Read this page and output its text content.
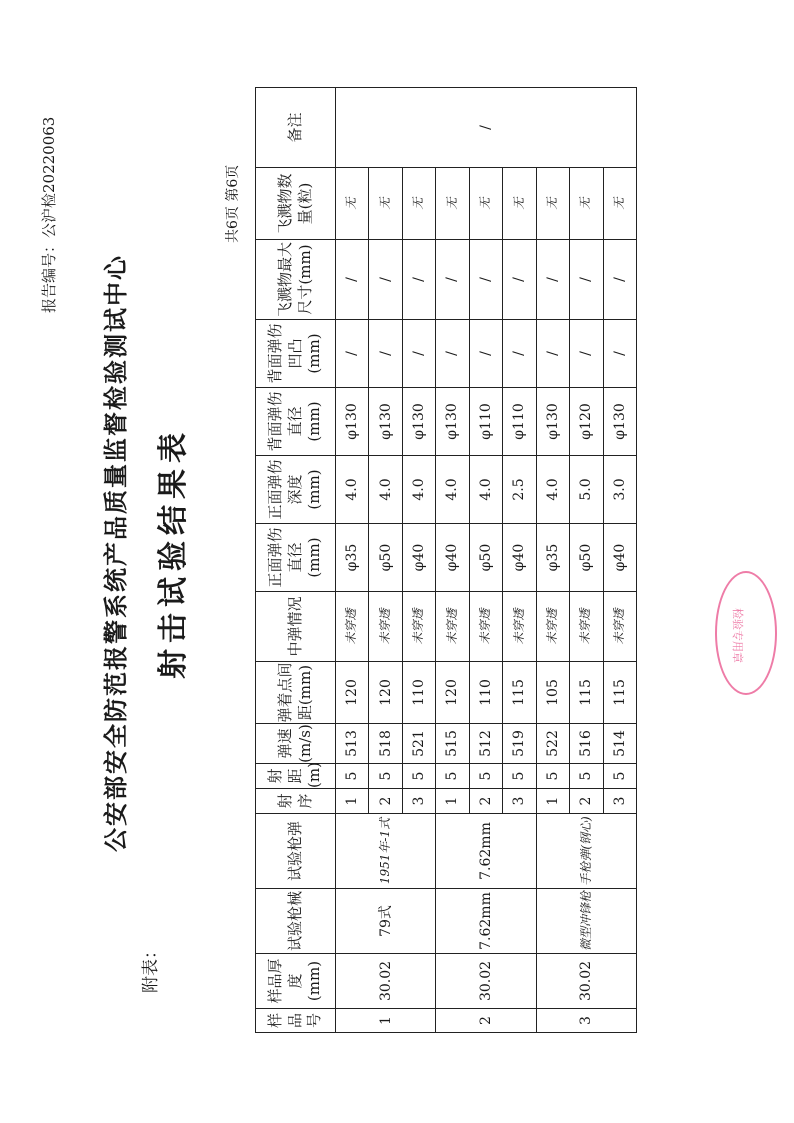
报告编号：公沪检20220063
附表：
公安部安全防范报警系统产品质量监督检验测试中心 射击试验结果表
共6页 第6页
样品号	样品厚度(mm)	试验枪械	试验枪弹	射序	射距(m)	弹速(m/s)	弹着点间距(mm)	中弹情况	正面弹伤直径(mm)	正面弹伤深度(mm)	背面弹伤直径(mm)	背面弹伤凹凸(mm)	飞溅物最大尺寸(mm)	飞溅物数量(粒)	备注
1	30.02	79式	1951年-1式	1	5	513	120	未穿透	φ35	4.0	φ130	/	/	无	/
				2	5	518	120	未穿透	φ50	4.0	φ130	/	/	无	
				3	5	521	110	未穿透	φ40	4.0	φ130	/	/	无	
2	30.02	7.62mm	7.62mm	1	5	515	120	未穿透	φ40	4.0	φ130	/	/	无	
				2	5	512	110	未穿透	φ50	4.0	φ110	/	/	无	
				3	5	519	115	未穿透	φ40	2.5	φ110	/	/	无	
3	30.02	微型冲锋枪	手枪弹(钢心)	1	5	522	105	未穿透	φ35	4.0	φ130	/	/	无	
				2	5	516	115	未穿透	φ50	5.0	φ120	/	/	无	
				3	5	514	115	未穿透	φ40	3.0	φ130	/	/	无	
检验专用章
